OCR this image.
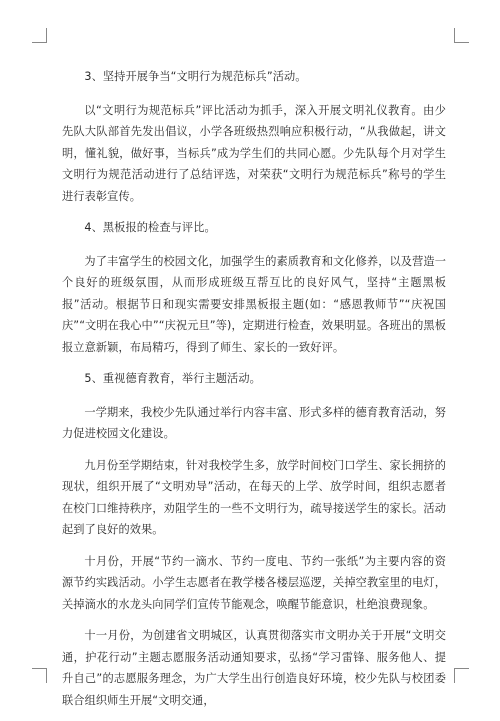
3、坚持开展争当“文明行为规范标兵”活动。

以“文明行为规范标兵”评比活动为抓手，深入开展文明礼仪教育。由少先队大队部首先发出倡议，小学各班级热烈响应积极行动，“从我做起，讲文明，懂礼貌，做好事，当标兵”成为学生们的共同心愿。少先队每个月对学生文明行为规范活动进行了总结评选，对荣获“文明行为规范标兵”称号的学生进行表彰宣传。

4、黑板报的检查与评比。

为了丰富学生的校园文化，加强学生的素质教育和文化修养，以及营造一个良好的班级氛围，从而形成班级互帮互比的良好风气，坚持“主题黑板报”活动。根据节日和现实需要安排黑板报主题(如：“感恩教师节”“庆祝国庆”“文明在我心中”“庆祝元旦”等)，定期进行检查，效果明显。各班出的黑板报立意新颖，布局精巧，得到了师生、家长的一致好评。

5、重视德育教育，举行主题活动。

一学期来，我校少先队通过举行内容丰富、形式多样的德育教育活动，努力促进校园文化建设。

九月份至学期结束，针对我校学生多，放学时间校门口学生、家长拥挤的现状，组织开展了“文明劝导”活动，在每天的上学、放学时间，组织志愿者在校门口维持秩序，劝阻学生的一些不文明行为，疏导接送学生的家长。活动起到了良好的效果。

十月份，开展“节约一滴水、节约一度电、节约一张纸”为主要内容的资源节约实践活动。小学生志愿者在教学楼各楼层巡逻，关掉空教室里的电灯，关掉滴水的水龙头向同学们宣传节能观念，唤醒节能意识，杜绝浪费现象。

十一月份，为创建省文明城区，认真贯彻落实市文明办关于开展“文明交通，护花行动”主题志愿服务活动通知要求，弘扬“学习雷锋、服务他人、提升自己”的志愿服务理念，为广大学生出行创造良好环境，校少先队与校团委联合组织师生开展“文明交通，
